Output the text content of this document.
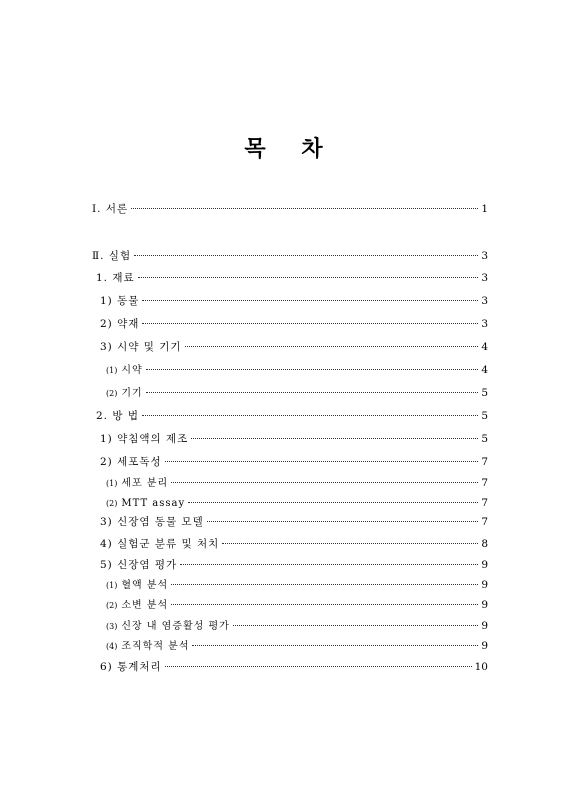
목 차
Ⅰ. 서론	1
Ⅱ. 실험	3
1. 재료	3
1) 동물	3
2) 약재	3
3) 시약 및 기기	4
(1) 시약	4
(2) 기기	5
2. 방 법	5
1) 약침액의 제조	5
2) 세포독성	7
(1) 세포 분리	7
(2) MTT assay	7
3) 신장염 동물 모델	7
4) 실험군 분류 및 처치	8
5) 신장염 평가	9
(1) 혈액 분석	9
(2) 소변 분석	9
(3) 신장 내 염증활성 평가	9
(4) 조직학적 분석	9
6) 통계처리	10
